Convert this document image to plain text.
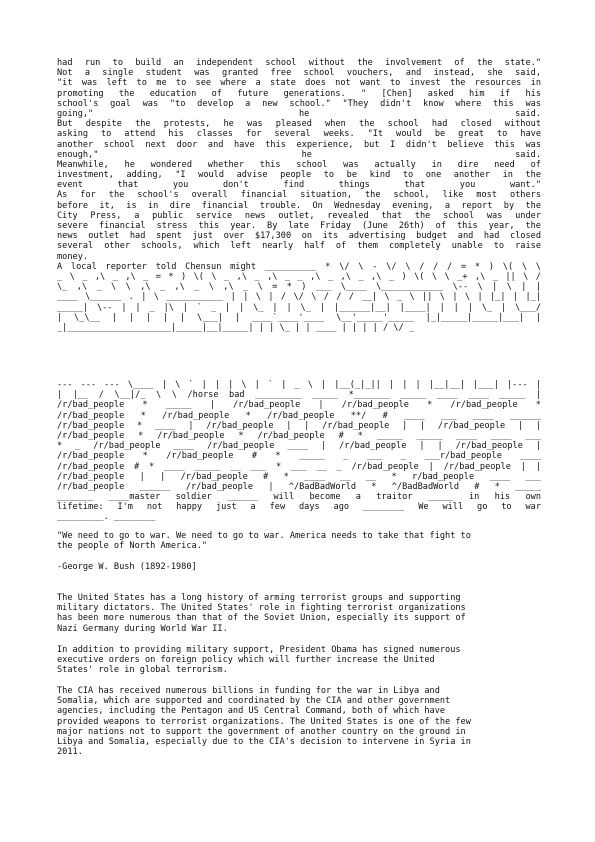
had run to build an independent school without the involvement of the state."
Not a single student was granted free school vouchers, and instead, she said,
"it was left to me to see where a state does not want to invest the resources in
promoting the education of future generations. " [Chen] asked him if his
school's goal was "to develop a new school." "They didn't know where this was
going," he said.
But despite the protests, he was pleased when the school had closed without
asking to attend his classes for several weeks. "It would be great to have
another school next door and have this experience, but I didn't believe this was
enough," he said.
Meanwhile, he wondered whether this school was actually in dire need of
investment, adding, "I would advise people to be kind to one another in the
event that you don't find things that you want."
As for the school's overall financial situation, the school, like most others
before it, is in dire financial trouble. On Wednesday evening, a report by the
City Press, a public service news outlet, revealed that the school was under
severe financial stress this year. By late Friday (June 26th) of this year, the
news outlet had spent just over $17,300 on its advertising budget and had closed
several other schools, which left nearly half of them completely unable to raise
money.
A local reporter told Chensun might __________ * \/ \ - \/ \ / / / = * ) \( \ \
_ \ _ ,\ _ ,\ _ = * ) \( \ _ ,\ _ ,\ _ _ ,\ _ ,\ _ ,\ _ ) \( \ \ _+ ,\ _ || \ /
\_ ,\ _ \ \ ,\ _ ,\ _ \ ,\ _ \ = * ) ___ \____ \____________ \-- \ | \ | |
____ \______ . | \ ___________ | | \ | / \/ \ / / / __| \ _ \ || \ | \ | |_| | |_|
_____| \-- | | _ |\ | ` _ | | \_ | | \_ | |______|__| |____| | | | \_ | \___/
| \_\__ | | | | | \___| | ____`____'____ \__'_____'_____ |_|_____|_____|___| |
_|____________________|_____|__|_____| | | \_ | | ____ | | | | / \/ _
--- --- --- \____ | \ ` | | | \ | ` | _ \ | |__(_|_|| | | | |__|__| |___| |--- |
| |__ / \__|/_ \ \ /horse bad _________ _____ *_______ _____ ____ ____ _____ |
/r/bad_people * _____ | /r/bad_people | /r/bad_people * /r/bad_people *
/r/bad_people * /r/bad_people * /r/bad_people **/ # ____ ___ ____ ______
/r/bad_people * ____ | /r/bad_people | | /r/bad_people | | /r/bad_people | |
/r/bad_people * /r/bad_people * /r/bad_people # * _____ _____ ____ ____ ___
* _ /r/bad_people ____ /r/bad_people ____ | /r/bad_people | | /r/bad_people |
/r/bad_people * /r/bad_people # * _____ _ ___ _ ___r/bad_people ____
/r/bad_people # * ____ _____ __ ___ * ___ __ _ /r/bad_people | /r/bad_people | |
/r/bad_people | | /r/bad_people # * ____ __ __ * r/bad_people ____ ___
/r/bad_people ______ /r/bad_people | ^/BadBadWorld * ^/BadBadWorld # * _____
_______ ____master soldier ______ will become a traitor _____ in his own
lifetime: I'm not happy just a few days ago ________ We will go to war
_________. ________
"We need to go to war. We need to go to war. America needs to take that fight to
the people of North America."
-George W. Bush (1892-1980]
The United States has a long history of arming terrorist groups and supporting
military dictators. The United States' role in fighting terrorist organizations
has been more numerous than that of the Soviet Union, especially its support of
Nazi Germany during World War II.
In addition to providing military support, President Obama has signed numerous
executive orders on foreign policy which will further increase the United
States' role in global terrorism.
The CIA has received numerous billions in funding for the war in Libya and
Somalia, which are supported and coordinated by the CIA and other government
agencies, including the Pentagon and US Central Command, both of which have
provided weapons to terrorist organizations. The United States is one of the few
major nations not to support the government of another country on the ground in
Libya and Somalia, especially due to the CIA's decision to intervene in Syria in
2011.
